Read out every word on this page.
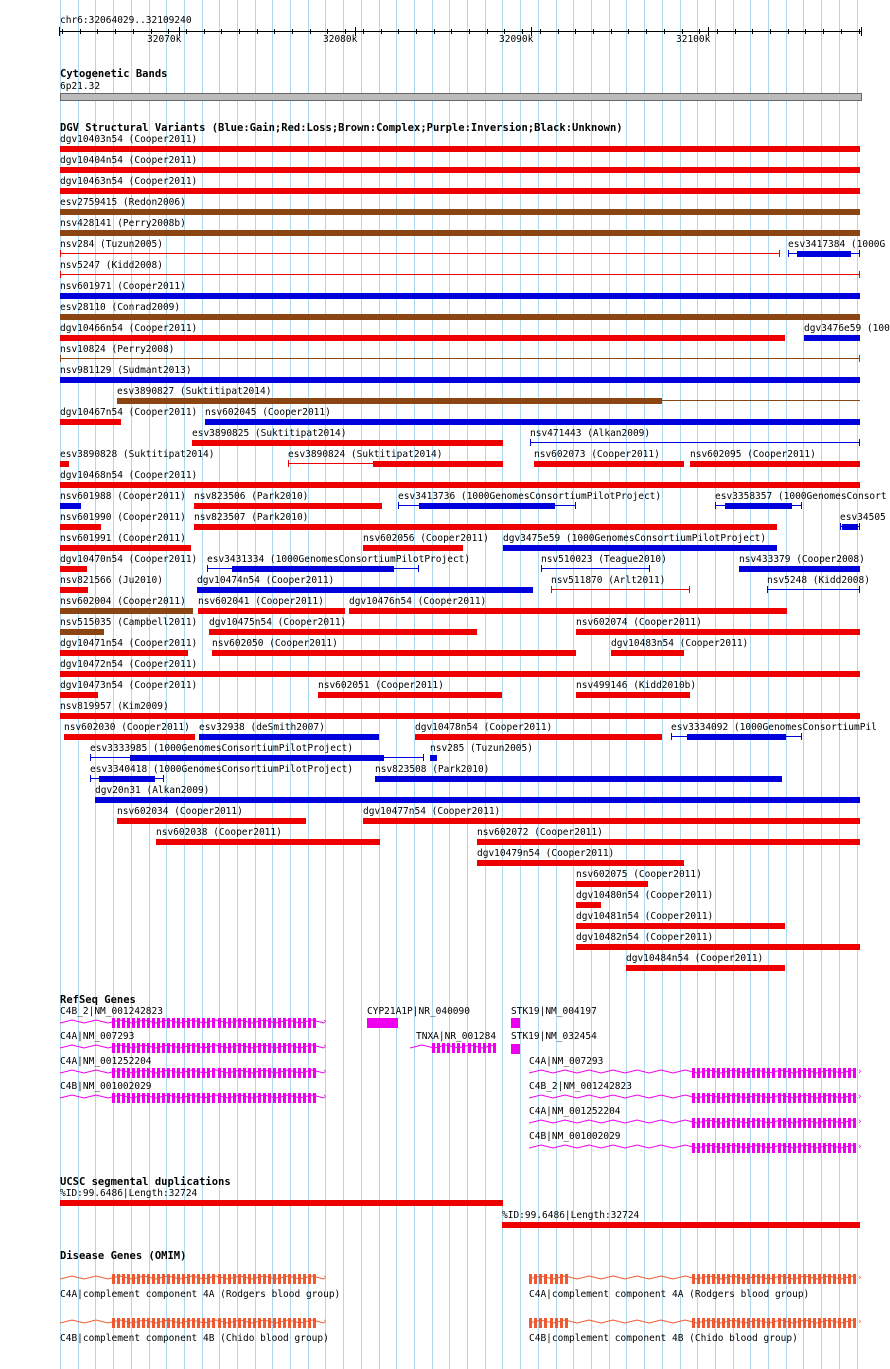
chr6:32064029..32109240
32070k	32080k	32090k	32100k
Cytogenetic Bands
6p21.32
DGV Structural Variants (Blue:Gain;Red:Loss;Brown:Complex;Purple:Inversion;Black:Unknown)
dgv10403n54 (Cooper2011)
dgv10404n54 (Cooper2011)
dgv10463n54 (Cooper2011)
esv2759415 (Redon2006)
nsv428141 (Perry2008b)
nsv284 (Tuzun2005)	esv3417384 (1000G
nsv5247 (Kidd2008)
nsv601971 (Cooper2011)
esv28110 (Conrad2009)
dgv10466n54 (Cooper2011)	dgv3476e59 (100
nsv10824 (Perry2008)
nsv981129 (Sudmant2013)
esv3890827 (Suktitipat2014)
dgv10467n54 (Cooper2011) nsv602045 (Cooper2011)
esv3890825 (Suktitipat2014)	nsv471443 (Alkan2009)
esv3890828 (Suktitipat2014)	esv3890824 (Suktitipat2014)	nsv602073 (Cooper2011)	nsv602095 (Cooper2011)
dgv10468n54 (Cooper2011)
nsv601988 (Cooper2011) nsv823506 (Park2010)	esv3413736 (1000GenomesConsortiumPilotProject)	esv3358357 (1000GenomesConsort
nsv601990 (Cooper2011) nsv823507 (Park2010)	esv34505
nsv601991 (Cooper2011)	nsv602056 (Cooper2011) dgv3475e59 (1000GenomesConsortiumPilotProject)
dgv10470n54 (Cooper2011) esv3431334 (1000GenomesConsortiumPilotProject)	nsv510023 (Teague2010)	nsv433379 (Cooper2008)
nsv821566 (Ju2010)	dgv10474n54 (Cooper2011)	nsv511870 (Arlt2011)	nsv5248 (Kidd2008)
nsv602004 (Cooper2011) nsv602041 (Cooper2011)	dgv10476n54 (Cooper2011)
nsv515035 (Campbell2011) dgv10475n54 (Cooper2011)	nsv602074 (Cooper2011)
dgv10471n54 (Cooper2011) nsv602050 (Cooper2011)	dgv10483n54 (Cooper2011)
dgv10472n54 (Cooper2011)
dgv10473n54 (Cooper2011)	nsv602051 (Cooper2011)	nsv499146 (Kidd2010b)
nsv819957 (Kim2009)
nsv602030 (Cooper2011) esv32938 (deSmith2007)	dgv10478n54 (Cooper2011)	esv3334092 (1000GenomesConsortiumPil
esv3333985 (1000GenomesConsortiumPilotProject)	nsv285 (Tuzun2005)
esv3340418 (1000GenomesConsortiumPilotProject) nsv823508 (Park2010)
dgv20n31 (Alkan2009)
nsv602034 (Cooper2011)	dgv10477n54 (Cooper2011)
nsv602038 (Cooper2011)	nsv602072 (Cooper2011)
dgv10479n54 (Cooper2011)
nsv602075 (Cooper2011)
dgv10480n54 (Cooper2011)
dgv10481n54 (Cooper2011)
dgv10482n54 (Cooper2011)
dgv10484n54 (Cooper2011)
RefSeq Genes
C4B_2|NM_001242823
›
C4A|NM_007293
›
C4A|NM_001252204
›
C4B|NM_001002029
›
CYP21A1P|NR_040090
TNXA|NR_001284
STK19|NM_004197
STK19|NM_032454
C4A|NM_007293
›
C4B_2|NM_001242823
›
C4A|NM_001252204
›
C4B|NM_001002029
›
UCSC segmental duplications
%ID:99.6486|Length:32724
%ID:99.6486|Length:32724
Disease Genes (OMIM)
›
C4A|complement component 4A (Rodgers blood group)
›
C4A|complement component 4A (Rodgers blood group)
›
C4B|complement component 4B (Chido blood group)
›
C4B|complement component 4B (Chido blood group)
